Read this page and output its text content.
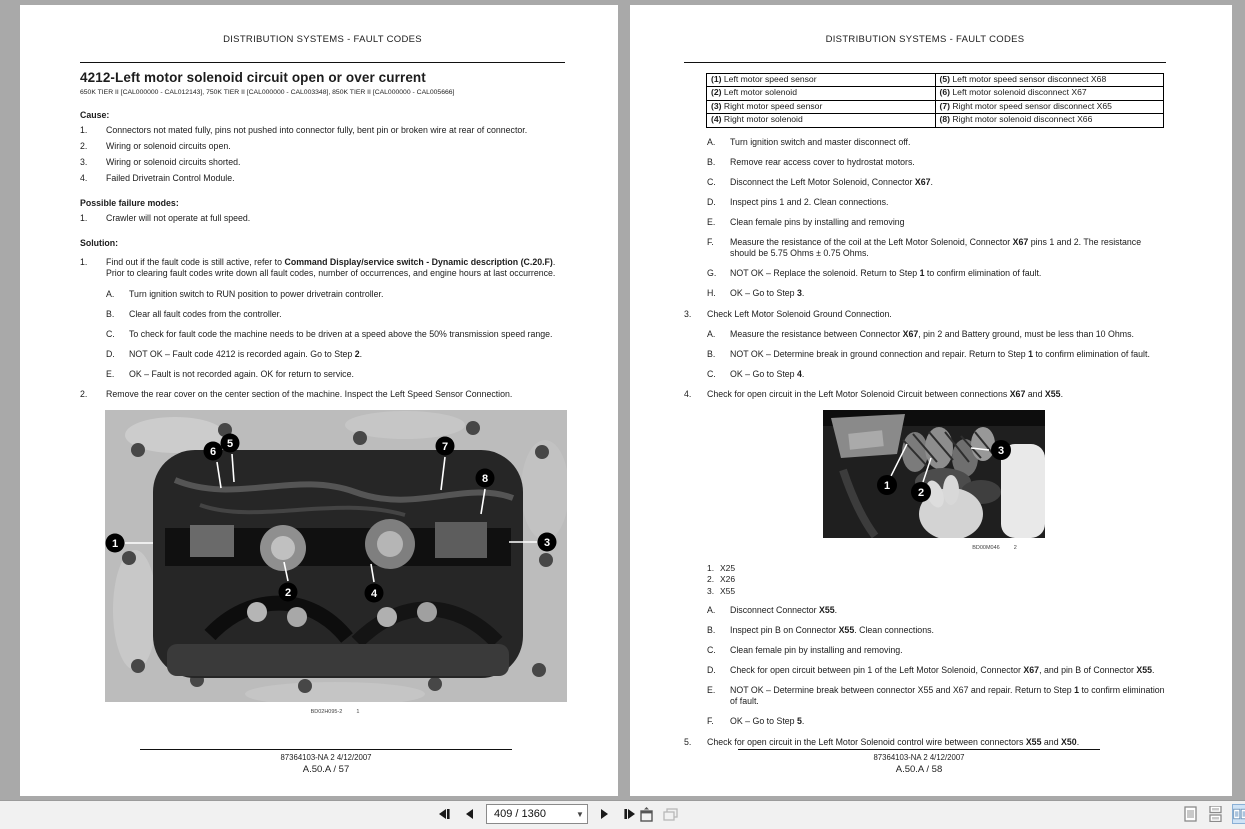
DISTRIBUTION SYSTEMS - FAULT CODES
4212-Left motor solenoid circuit open or over current
650K TIER II [CAL000000 - CAL012143], 750K TIER II [CAL000000 - CAL003348], 850K TIER II [CAL000000 - CAL005666]
Cause:
1.	Connectors not mated fully, pins not pushed into connector fully, bent pin or broken wire at rear of connector.
2.	Wiring or solenoid circuits open.
3.	Wiring or solenoid circuits shorted.
4.	Failed Drivetrain Control Module.
Possible failure modes:
1.	Crawler will not operate at full speed.
Solution:
1.	Find out if the fault code is still active, refer to Command Display/service switch - Dynamic description (C.20.F).
Prior to clearing fault codes write down all fault codes, number of occurrences, and engine hours at last occurrence.
A.	Turn ignition switch to RUN position to power drivetrain controller.
B.	Clear all fault codes from the controller.
C.	To check for fault code the machine needs to be driven at a speed above the 50% transmission speed range.
D.	NOT OK – Fault code 4212 is recorded again. Go to Step 2.
E.	OK – Fault is not recorded again. OK for return to service.
2.	Remove the rear cover on the center section of the machine. Inspect the Left Speed Sensor Connection.
1
2
3
4
5
6	7
8
BD02H095-2	1
87364103-NA 2 4/12/2007
A.50.A / 57
DISTRIBUTION SYSTEMS - FAULT CODES
(1) Left motor speed sensor	(5) Left motor speed sensor disconnect X68
(2) Left motor solenoid	(6) Left motor solenoid disconnect X67
(3) Right motor speed sensor	(7) Right motor speed sensor disconnect X65
(4) Right motor solenoid	(8) Right motor solenoid disconnect X66
A.	Turn ignition switch and master disconnect off.
B.	Remove rear access cover to hydrostat motors.
C.	Disconnect the Left Motor Solenoid, Connector X67.
D.	Inspect pins 1 and 2. Clean connections.
E.	Clean female pins by installing and removing
F.	Measure the resistance of the coil at the Left Motor Solenoid, Connector X67 pins 1 and 2. The resistance should be 5.75 Ohms ± 0.75 Ohms.
G.	NOT OK – Replace the solenoid. Return to Step 1 to confirm elimination of fault.
H.	OK – Go to Step 3.
3.	Check Left Motor Solenoid Ground Connection.
A.	Measure the resistance between Connector X67, pin 2 and Battery ground, must be less than 10 Ohms.
B.	NOT OK – Determine break in ground connection and repair. Return to Step 1 to confirm elimination of fault.
C.	OK – Go to Step 4.
4.	Check for open circuit in the Left Motor Solenoid Circuit between connections X67 and X55.
1
2
3
BD00M046	2
1. X25
2. X26
3. X55
A.	Disconnect Connector X55.
B.	Inspect pin B on Connector X55. Clean connections.
C.	Clean female pin by installing and removing.
D.	Check for open circuit between pin 1 of the Left Motor Solenoid, Connector X67, and pin B of Connector X55.
E.	NOT OK – Determine break between connector X55 and X67 and repair. Return to Step 1 to confirm elimination of fault.
F.	OK – Go to Step 5.
5.	Check for open circuit in the Left Motor Solenoid control wire between connectors X55 and X50.
87364103-NA 2 4/12/2007
A.50.A / 58
409 / 1360	▼
